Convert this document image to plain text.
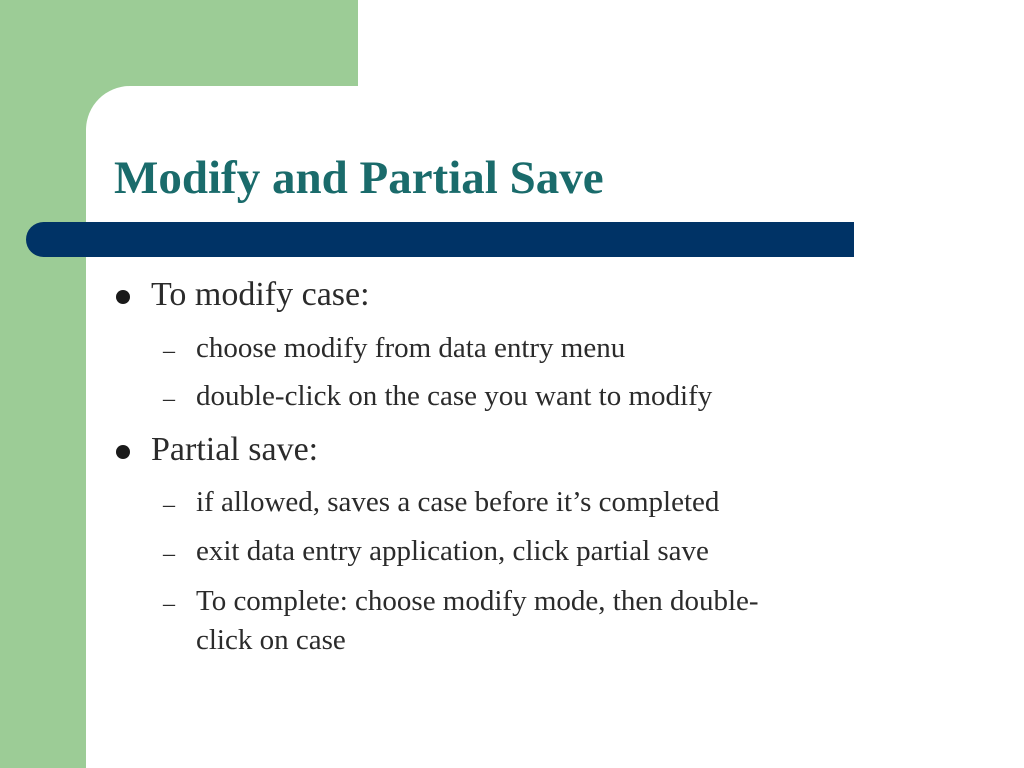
Modify and Partial Save
To modify case:
– choose modify from data entry menu
– double-click on the case you want to modify
Partial save:
– if allowed, saves a case before it’s completed
– exit data entry application, click partial save
– To complete: choose modify mode, then double-
click on case
